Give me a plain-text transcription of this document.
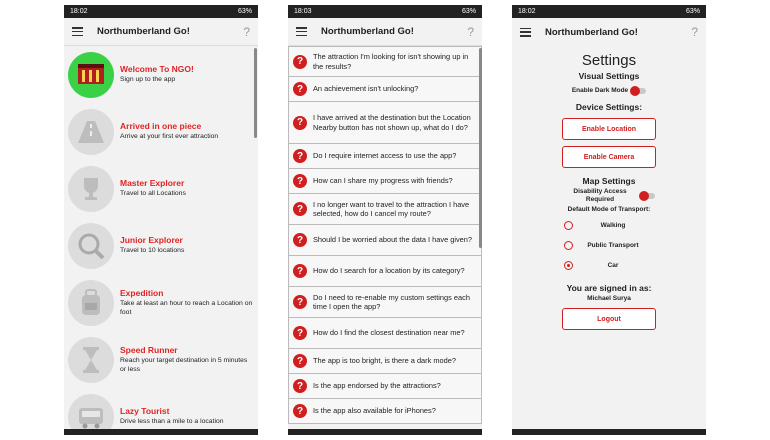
18:02	63%
Northumberland Go!	?
Welcome To NGO!
Sign up to the app
Arrived in one piece
Arrive at your first ever attraction
Master Explorer
Travel to all Locations
Junior Explorer
Travel to 10 locations
Expedition
Take at least an hour to reach a Location on foot
Speed Runner
Reach your target destination in 5 minutes or less
Lazy Tourist
Drive less than a mile to a location
18:03	63%
Northumberland Go!	?
?	The attraction I'm looking for isn't showing up in the results?
?	An achievement isn't unlocking?
?	I have arrived at the destination but the Location Nearby button has not shown up, what do I do?
?	Do I require internet access to use the app?
?	How can I share my progress with friends?
?	I no longer want to travel to the attraction I have selected, how do I cancel my route?
?	Should I be worried about the data I have given?
?	How do I search for a location by its category?
?	Do I need to re-enable my custom settings each time I open the app?
?	How do I find the closest destination near me?
?	The app is too bright, is there a dark mode?
?	Is the app endorsed by the attractions?
?	Is the app also available for iPhones?
18:02	63%
Northumberland Go!	?
Settings
Visual Settings
Enable Dark Mode
Device Settings:
Enable Location
Enable Camera
Map Settings
Disability Access Required
Default Mode of Transport:
Walking
Public Transport
Car
You are signed in as:
Michael Surya
Logout
